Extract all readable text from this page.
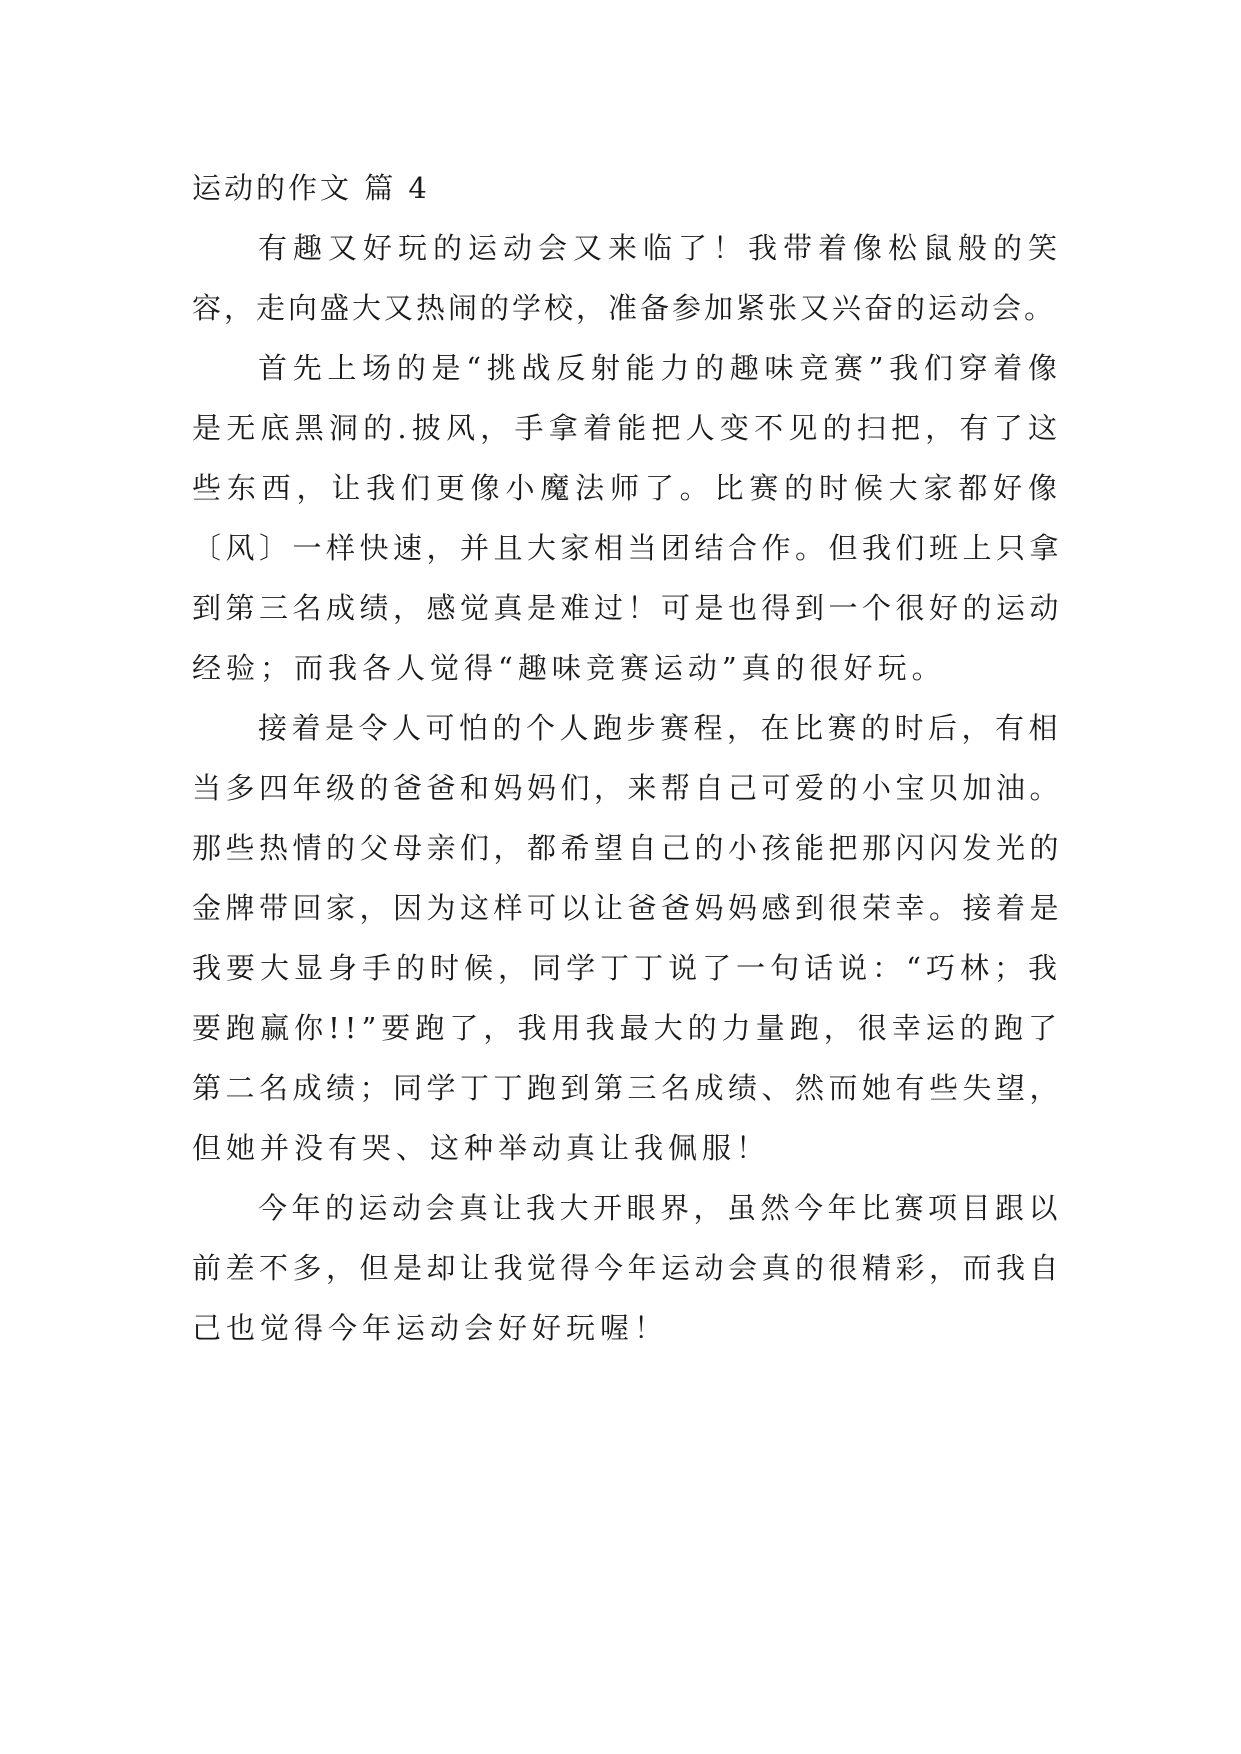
运动的作文 篇 4
有趣又好玩的运动会又来临了！我带着像松鼠般的笑
容，走向盛大又热闹的学校，准备参加紧张又兴奋的运动会。
首先上场的是“挑战反射能力的趣味竞赛”我们穿着像
是无底黑洞的.披风，手拿着能把人变不见的扫把，有了这
些东西，让我们更像小魔法师了。比赛的时候大家都好像
〔风〕一样快速，并且大家相当团结合作。但我们班上只拿
到第三名成绩，感觉真是难过！可是也得到一个很好的运动
经验；而我各人觉得“趣味竞赛运动”真的很好玩。
接着是令人可怕的个人跑步赛程，在比赛的时后，有相
当多四年级的爸爸和妈妈们，来帮自己可爱的小宝贝加油。
那些热情的父母亲们，都希望自己的小孩能把那闪闪发光的
金牌带回家，因为这样可以让爸爸妈妈感到很荣幸。接着是
我要大显身手的时候，同学丁丁说了一句话说：“巧林；我
要跑赢你!!”要跑了，我用我最大的力量跑，很幸运的跑了
第二名成绩；同学丁丁跑到第三名成绩、然而她有些失望，
但她并没有哭、这种举动真让我佩服！
今年的运动会真让我大开眼界，虽然今年比赛项目跟以
前差不多，但是却让我觉得今年运动会真的很精彩，而我自
己也觉得今年运动会好好玩喔！
